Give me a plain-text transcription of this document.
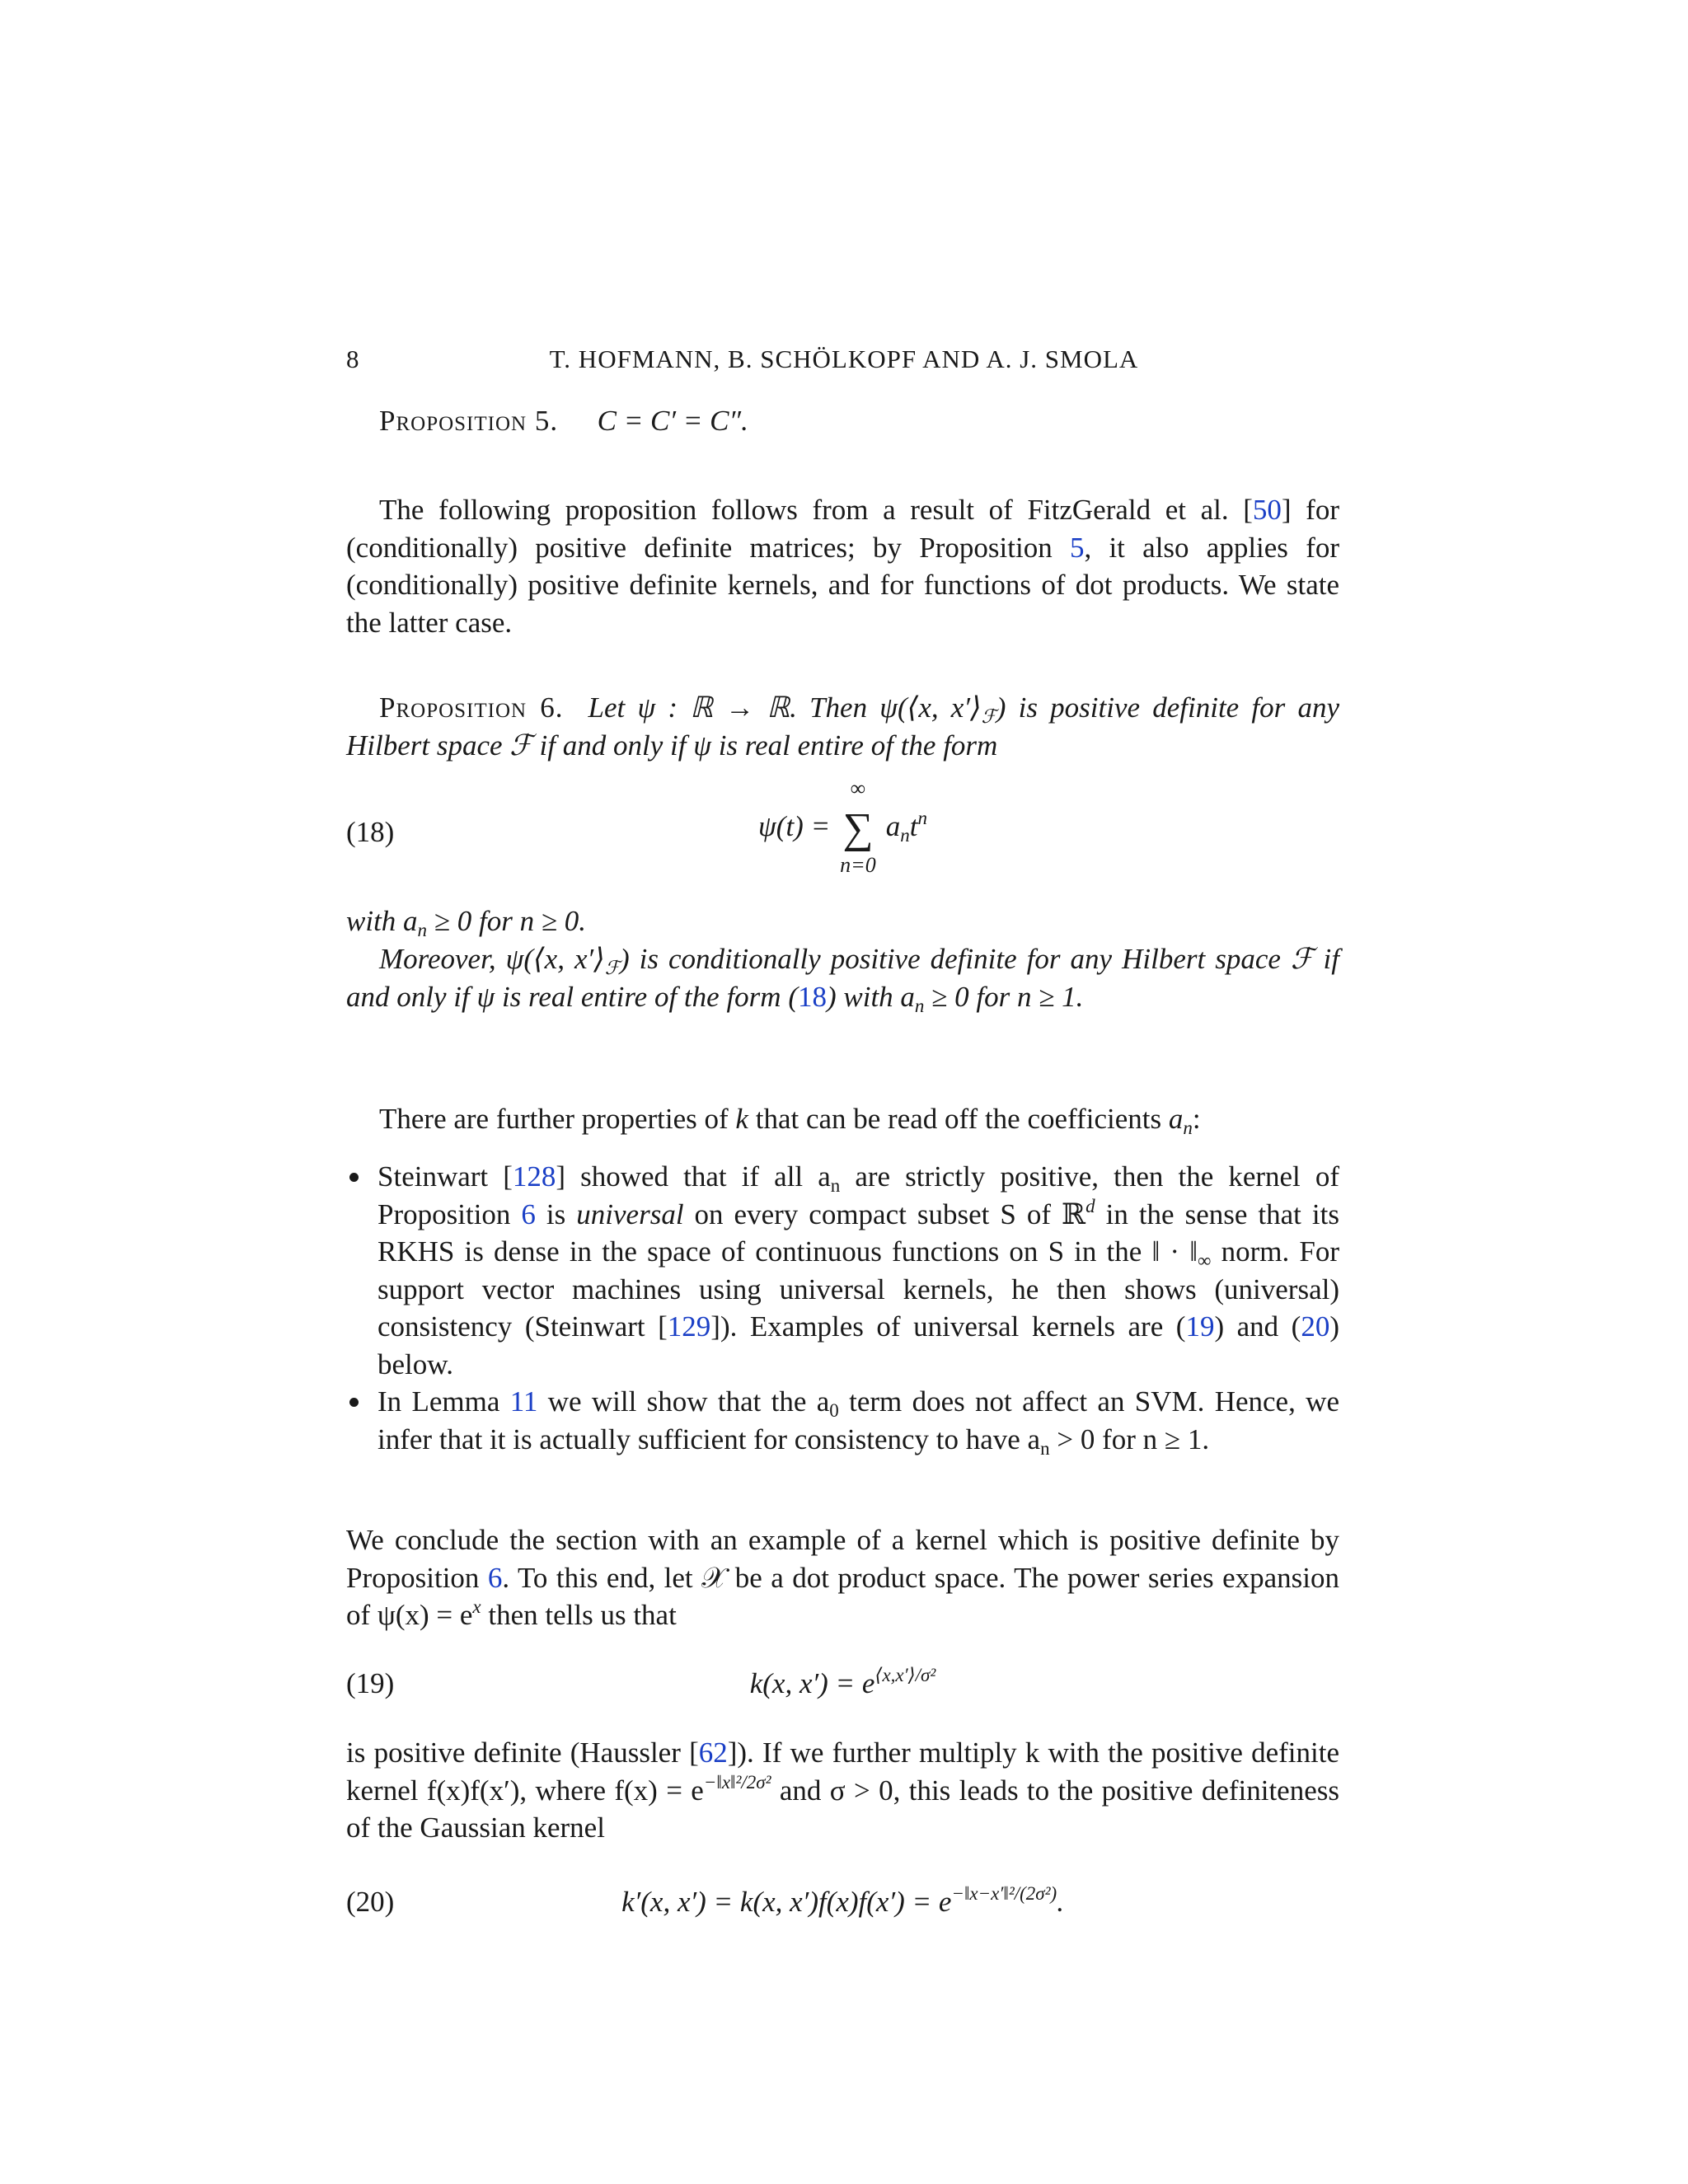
8	T. HOFMANN, B. SCHÖLKOPF AND A. J. SMOLA
Proposition 5. C = C′ = C″.
The following proposition follows from a result of FitzGerald et al. [50] for (conditionally) positive definite matrices; by Proposition 5, it also applies for (conditionally) positive definite kernels, and for functions of dot products. We state the latter case.
Proposition 6. Let ψ : ℝ → ℝ. Then ψ(⟨x, $x'⟩_ℱ$) is positive definite for any Hilbert space ℱ if and only if ψ is real entire of the form
(18)	ψ(t) =
∞
∑
n=0
$a_nt^n$
with $a_n \ge 0$ for n ≥ 0.
Moreover, ψ(⟨x, $x'⟩_ℱ$) is conditionally positive definite for any Hilbert space ℱ if and only if ψ is real entire of the form (18) with $a_n \ge 0$ for n ≥ 1.
There are further properties of k that can be read off the coefficients $a_n$:
Steinwart [128] showed that if all $a_n$ are strictly positive, then the kernel of Proposition 6 is universal on every compact subset S of ℝ$^d$ in the sense that its RKHS is dense in the space of continuous functions on S in the ‖ · $‖_\infty$ norm. For support vector machines using universal kernels, he then shows (universal) consistency (Steinwart [129]). Examples of universal kernels are (19) and (20) below.
In Lemma 11 we will show that the $a_0$ term does not affect an SVM. Hence, we infer that it is actually sufficient for consistency to have $a_n > 0$ for n ≥ 1.
We conclude the section with an example of a kernel which is positive definite by Proposition 6. To this end, let 𝒳 be a dot product space. The power series expansion of $\psi(x) = e^x$ then tells us that
(19)	k(x, $x') = e^{⟨x,x'⟩/\sigma^2}$
is positive definite (Haussler [62]). If we further multiply k with the positive definite kernel f(x)f(x′), where $f(x) = e^{-‖x‖^2/2\sigma^2}$ and σ > 0, this leads to the positive definiteness of the Gaussian kernel
(20)	k′(x, x′) = k(x, $x')f(x)f(x') = e^{-‖x-x'‖^2/(2\sigma^2)}$.
